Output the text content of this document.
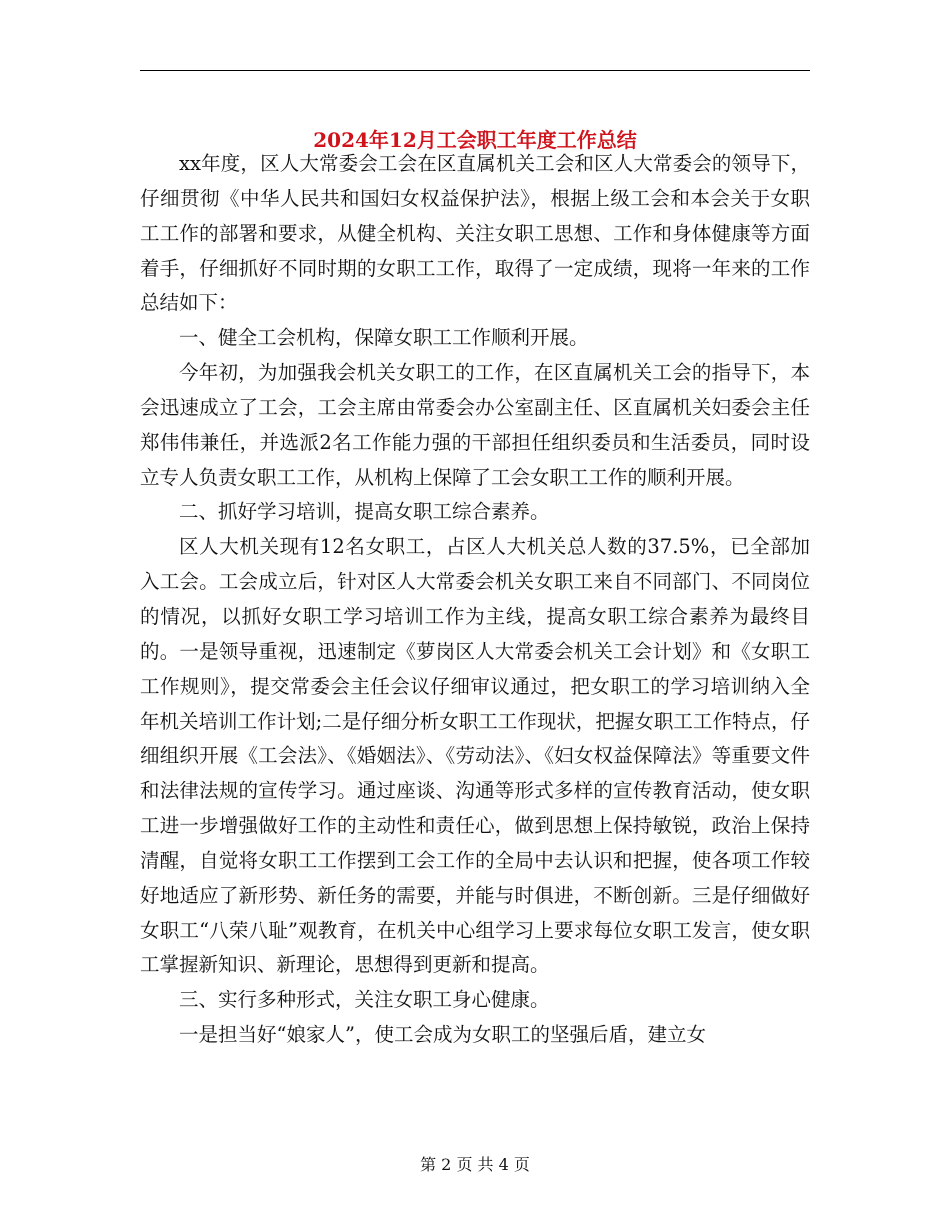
2024年12月工会职工年度工作总结

xx年度，区人大常委会工会在区直属机关工会和区人大常委会的领导下，仔细贯彻《中华人民共和国妇女权益保护法》，根据上级工会和本会关于女职工工作的部署和要求，从健全机构、关注女职工思想、工作和身体健康等方面着手，仔细抓好不同时期的女职工工作，取得了一定成绩，现将一年来的工作总结如下：

一、健全工会机构，保障女职工工作顺利开展。

今年初，为加强我会机关女职工的工作，在区直属机关工会的指导下，本会迅速成立了工会，工会主席由常委会办公室副主任、区直属机关妇委会主任郑伟伟兼任，并选派2名工作能力强的干部担任组织委员和生活委员，同时设立专人负责女职工工作，从机构上保障了工会女职工工作的顺利开展。

二、抓好学习培训，提高女职工综合素养。

区人大机关现有12名女职工，占区人大机关总人数的37.5%，已全部加入工会。工会成立后，针对区人大常委会机关女职工来自不同部门、不同岗位的情况，以抓好女职工学习培训工作为主线，提高女职工综合素养为最终目的。一是领导重视，迅速制定《萝岗区人大常委会机关工会计划》和《女职工工作规则》，提交常委会主任会议仔细审议通过，把女职工的学习培训纳入全年机关培训工作计划;二是仔细分析女职工工作现状，把握女职工工作特点，仔细组织开展《工会法》、《婚姻法》、《劳动法》、《妇女权益保障法》等重要文件和法律法规的宣传学习。通过座谈、沟通等形式多样的宣传教育活动，使女职工进一步增强做好工作的主动性和责任心，做到思想上保持敏锐，政治上保持清醒，自觉将女职工工作摆到工会工作的全局中去认识和把握，使各项工作较好地适应了新形势、新任务的需要，并能与时俱进，不断创新。三是仔细做好女职工“八荣八耻”观教育，在机关中心组学习上要求每位女职工发言，使女职工掌握新知识、新理论，思想得到更新和提高。

三、实行多种形式，关注女职工身心健康。

一是担当好“娘家人”，使工会成为女职工的坚强后盾，建立女

第 2 页 共 4 页
